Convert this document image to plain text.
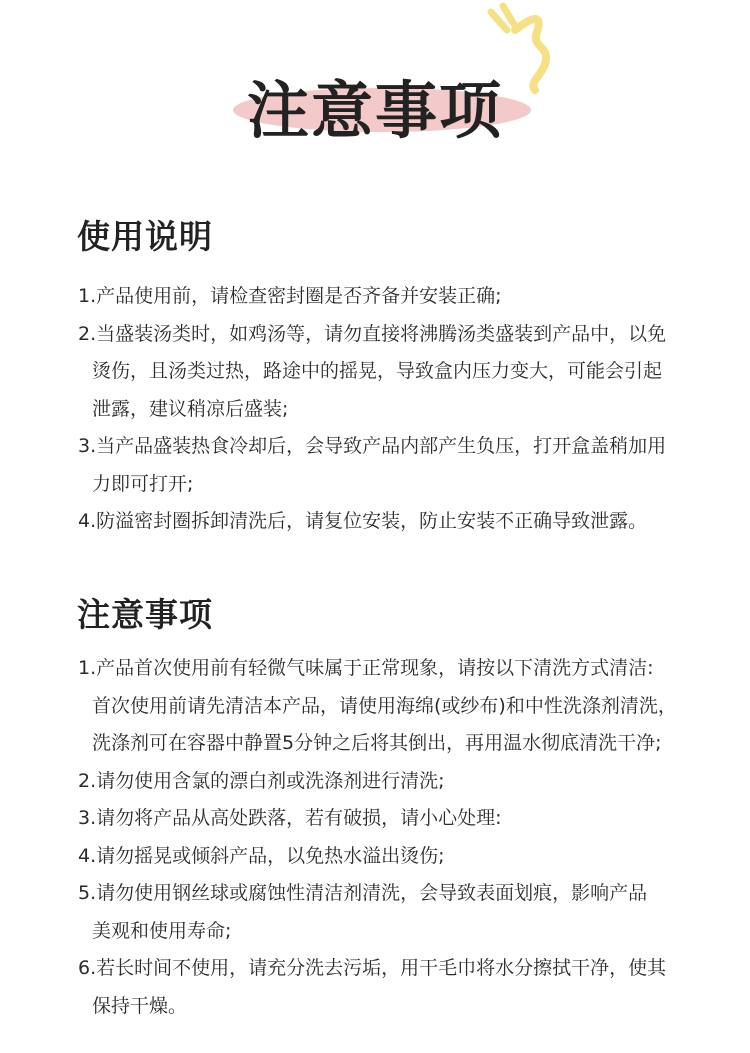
注意事项
使用说明
1.产品使用前，请检查密封圈是否齐备并安装正确;
2.当盛装汤类时，如鸡汤等，请勿直接将沸腾汤类盛装到产品中，以免
烫伤，且汤类过热，路途中的摇晃，导致盒内压力变大，可能会引起
泄露，建议稍凉后盛装;
3.当产品盛装热食冷却后，会导致产品内部产生负压，打开盒盖稍加用
力即可打开;
4.防溢密封圈拆卸清洗后，请复位安装，防止安装不正确导致泄露。
注意事项
1.产品首次使用前有轻微气味属于正常现象，请按以下清洗方式清洁:
首次使用前请先清洁本产品，请使用海绵(或纱布)和中性洗涤剂清洗，
洗涤剂可在容器中静置5分钟之后将其倒出，再用温水彻底清洗干净;
2.请勿使用含氯的漂白剂或洗涤剂进行清洗;
3.请勿将产品从高处跌落，若有破损，请小心处理:
4.请勿摇晃或倾斜产品，以免热水溢出烫伤;
5.请勿使用钢丝球或腐蚀性清洁剂清洗，会导致表面划痕，影响产品
美观和使用寿命;
6.若长时间不使用，请充分洗去污垢，用干毛巾将水分擦拭干净，使其
保持干燥。
